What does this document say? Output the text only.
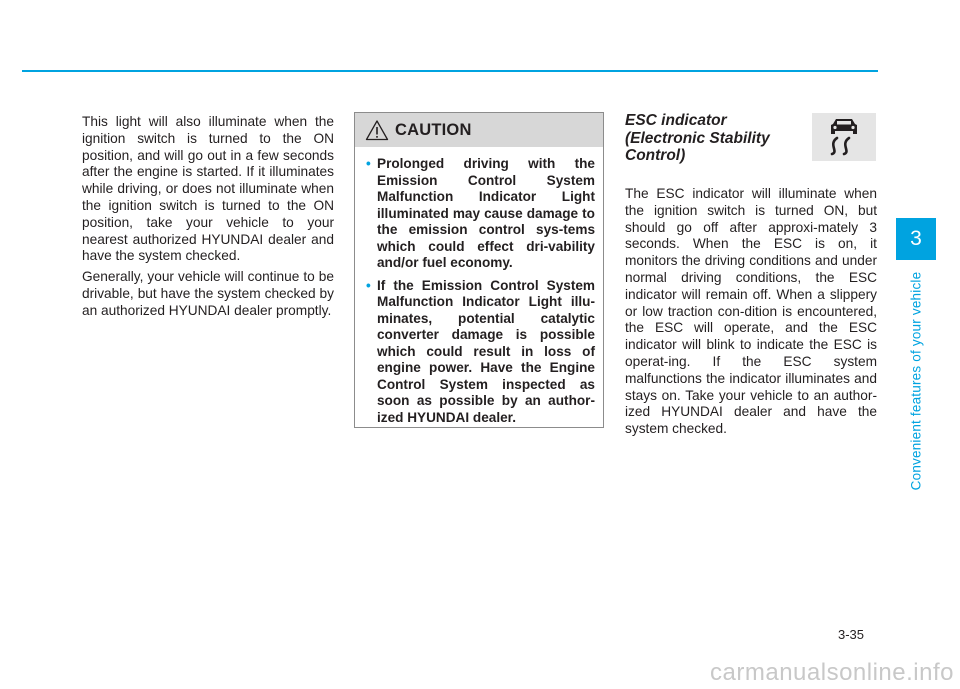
This light will also illuminate when the ignition switch is turned to the ON position, and will go out in a few seconds after the engine is started. If it illuminates while driving, or does not illuminate when the ignition switch is turned to the ON position, take your vehicle to your nearest authorized HYUNDAI dealer and have the system checked.

Generally, your vehicle will continue to be drivable, but have the system checked by an authorized HYUNDAI dealer promptly.

CAUTION
• Prolonged driving with the Emission Control System Malfunction Indicator Light illuminated may cause damage to the emission control sys-tems which could effect dri-vability and/or fuel economy.
• If the Emission Control System Malfunction Indicator Light illu-minates, potential catalytic converter damage is possible which could result in loss of engine power. Have the Engine Control System inspected as soon as possible by an author-ized HYUNDAI dealer.
ESC indicator
(Electronic Stability
Control)

The ESC indicator will illuminate when the ignition switch is turned ON, but should go off after approxi-mately 3 seconds. When the ESC is on, it monitors the driving conditions and under normal driving conditions, the ESC indicator will remain off. When a slippery or low traction con-dition is encountered, the ESC will operate, and the ESC indicator will blink to indicate the ESC is operat-ing. If the ESC system malfunctions the indicator illuminates and stays on. Take your vehicle to an author-ized HYUNDAI dealer and have the system checked.

3
Convenient features of your vehicle
3-35
carmanualsonline.info
